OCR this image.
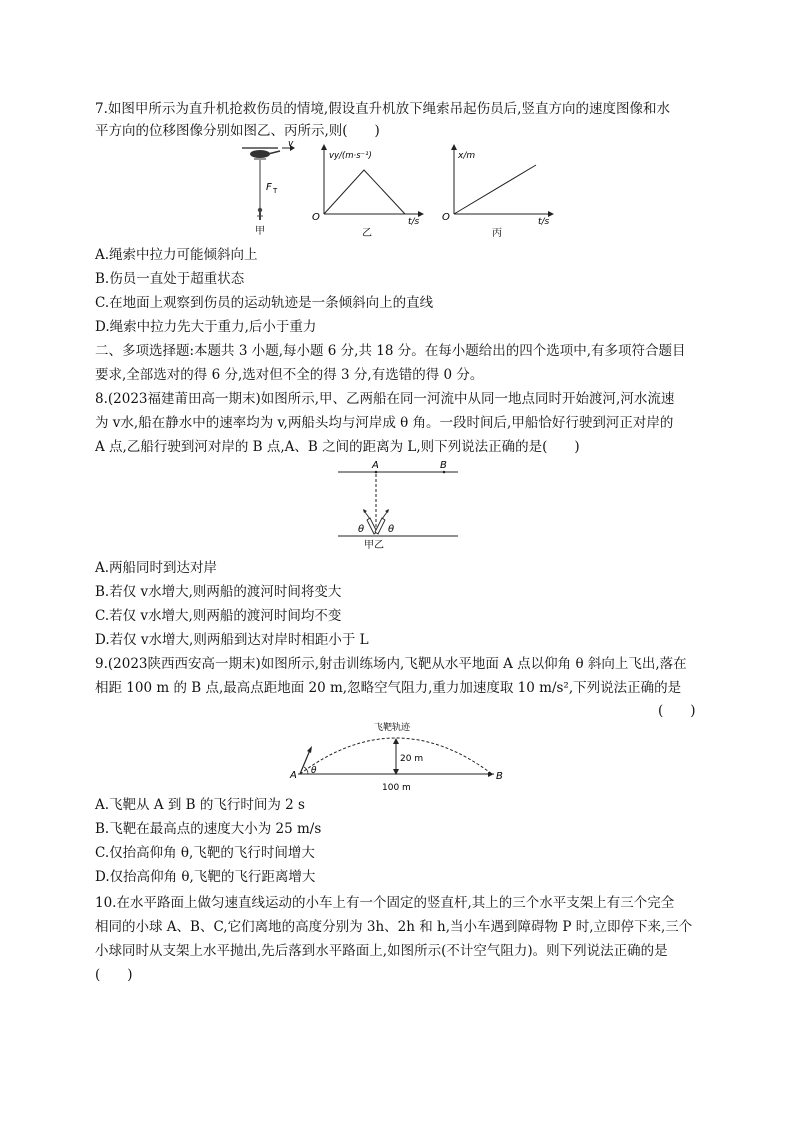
7.如图甲所示为直升机抢救伤员的情境,假设直升机放下绳索吊起伤员后,竖直方向的速度图像和水
平方向的位移图像分别如图乙、丙所示,则(　　)
v
F T
甲
vy/(m·s⁻¹)
O	t/s
乙
x/m
O	t/s
丙
A.绳索中拉力可能倾斜向上
B.伤员一直处于超重状态
C.在地面上观察到伤员的运动轨迹是一条倾斜向上的直线
D.绳索中拉力先大于重力,后小于重力
二、多项选择题:本题共 3 小题,每小题 6 分,共 18 分。在每小题给出的四个选项中,有多项符合题目
要求,全部选对的得 6 分,选对但不全的得 3 分,有选错的得 0 分。
8.(2023福建莆田高一期末)如图所示,甲、乙两船在同一河流中从同一地点同时开始渡河,河水流速
为 v水,船在静水中的速率均为 v,两船头均与河岸成 θ 角。一段时间后,甲船恰好行驶到河正对岸的
A 点,乙船行驶到河对岸的 B 点,A、B 之间的距离为 L,则下列说法正确的是(　　)
A	B
θ θ
甲乙
A.两船同时到达对岸
B.若仅 v水增大,则两船的渡河时间将变大
C.若仅 v水增大,则两船的渡河时间均不变
D.若仅 v水增大,则两船到达对岸时相距小于 L
9.(2023陕西西安高一期末)如图所示,射击训练场内,飞靶从水平地面 A 点以仰角 θ 斜向上飞出,落在
相距 100 m 的 B 点,最高点距地面 20 m,忽略空气阻力,重力加速度取 10 m/s²,下列说法正确的是
(　　)
飞靶轨迹
20 m
θ
A	B
100 m
A.飞靶从 A 到 B 的飞行时间为 2 s
B.飞靶在最高点的速度大小为 25 m/s
C.仅抬高仰角 θ,飞靶的飞行时间增大
D.仅抬高仰角 θ,飞靶的飞行距离增大
10.在水平路面上做匀速直线运动的小车上有一个固定的竖直杆,其上的三个水平支架上有三个完全
相同的小球 A、B、C,它们离地的高度分别为 3h、2h 和 h,当小车遇到障碍物 P 时,立即停下来,三个
小球同时从支架上水平抛出,先后落到水平路面上,如图所示(不计空气阻力)。则下列说法正确的是
(　　)
